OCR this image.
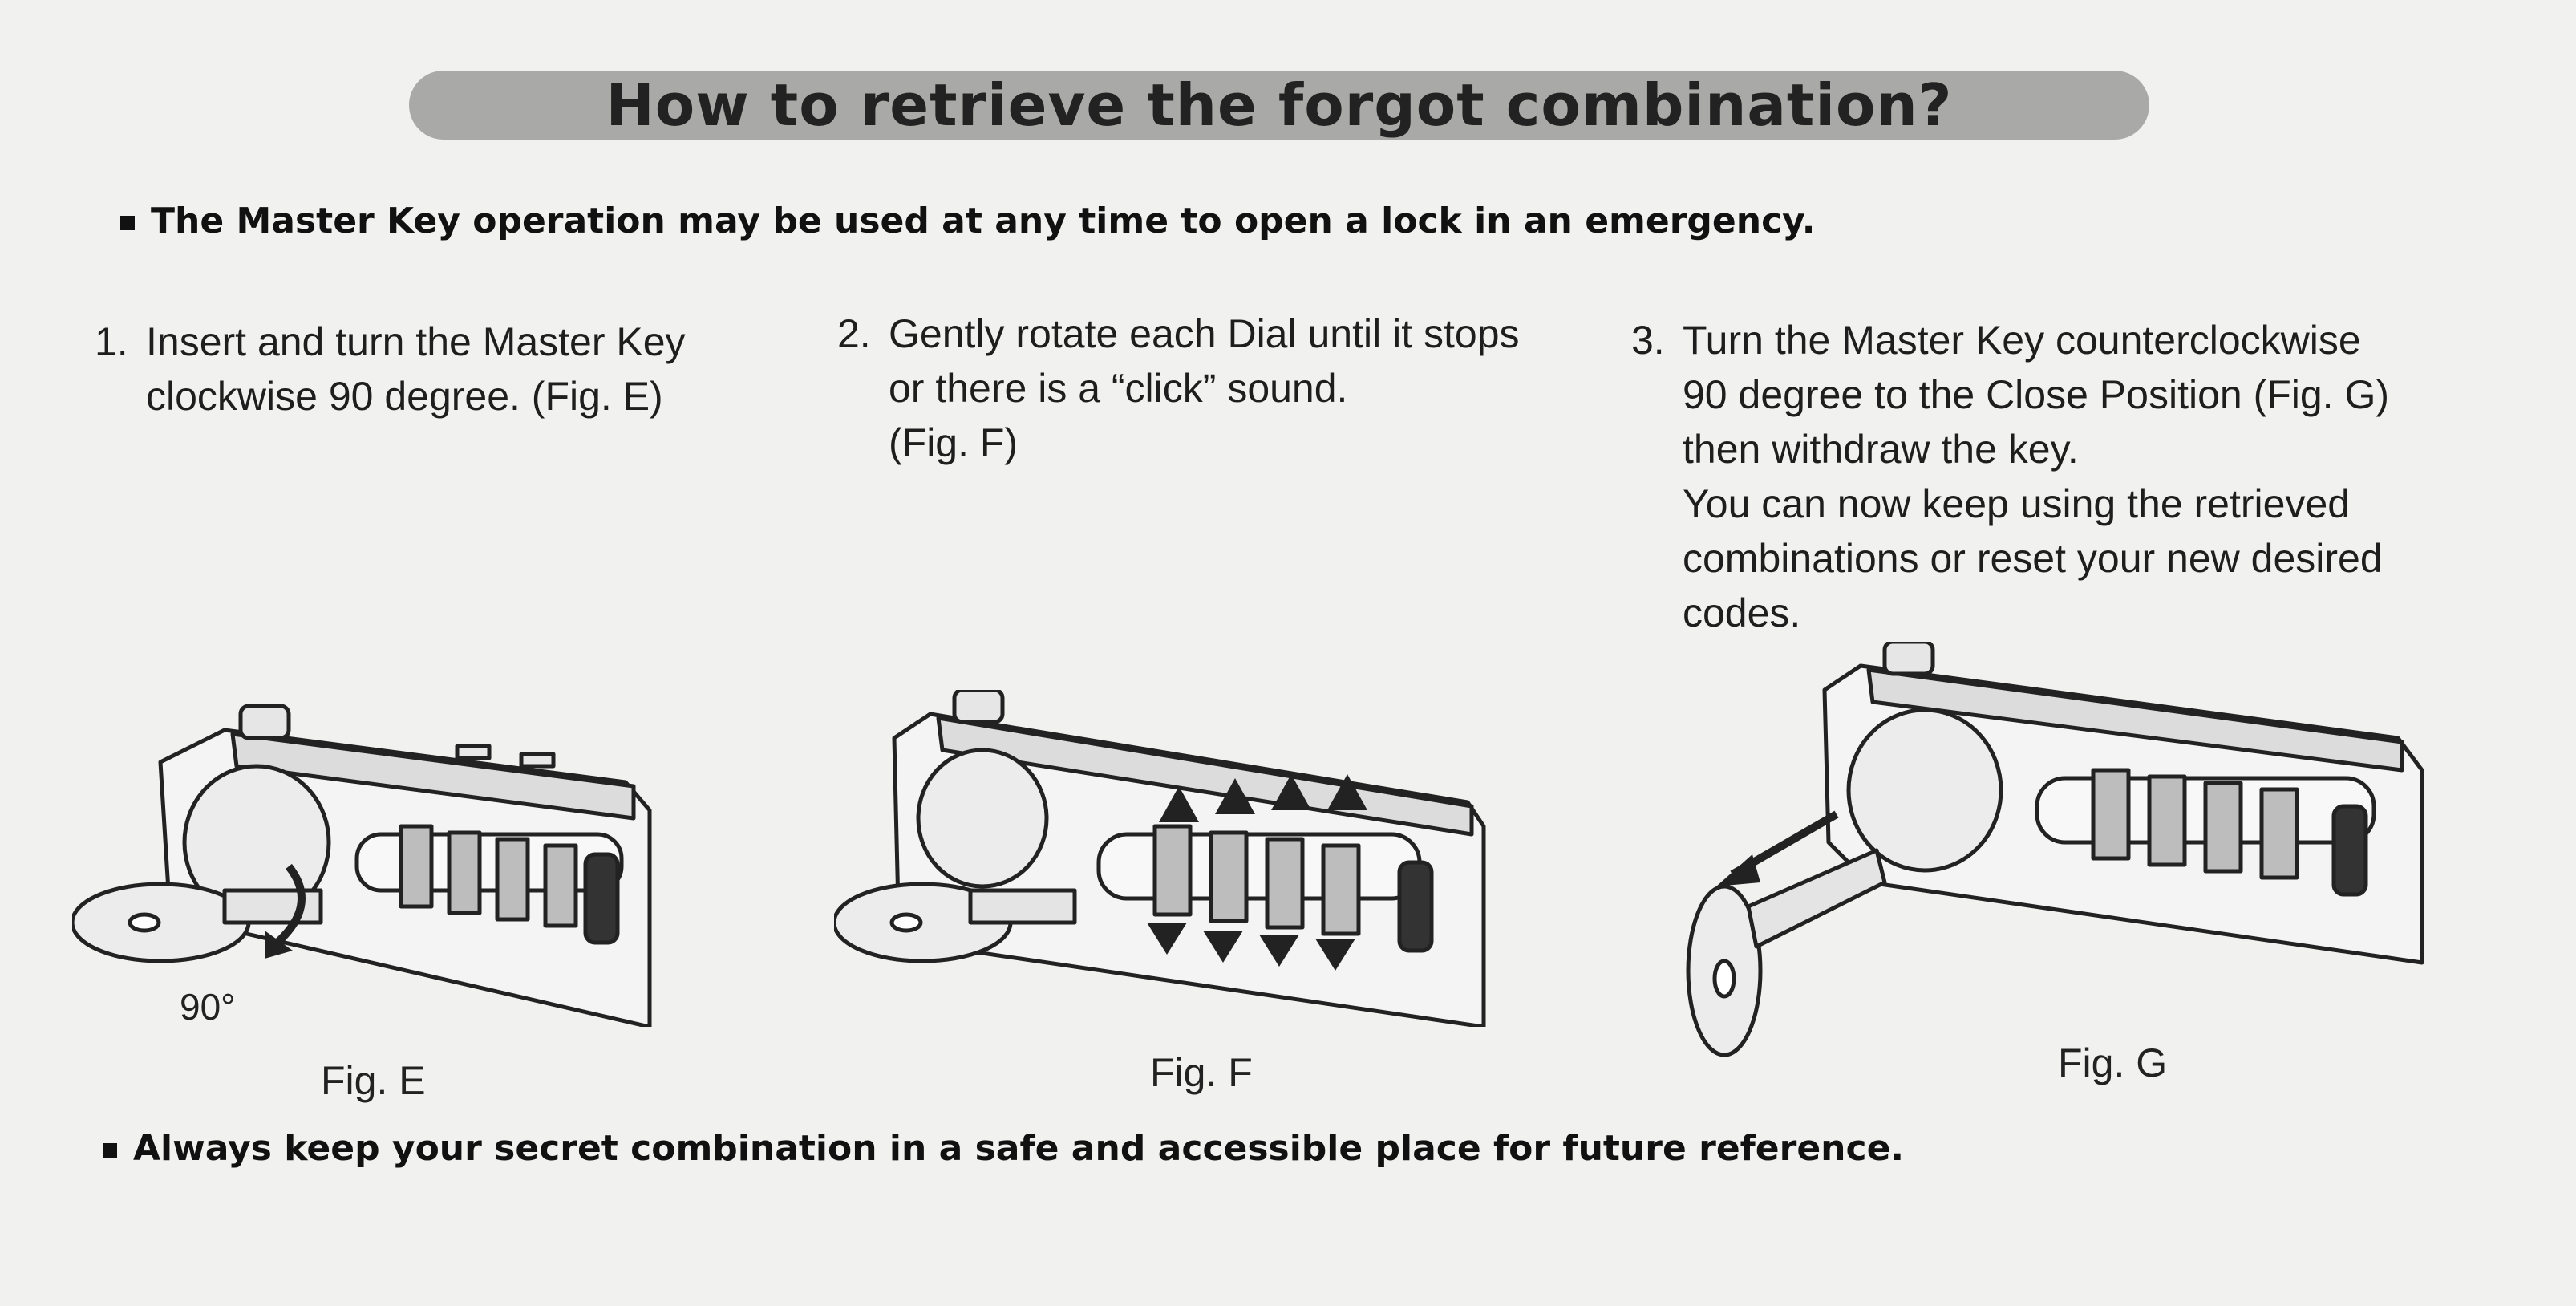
How to retrieve the forgot combination?
The Master Key operation may be used at any time to open a lock in an emergency.
1. Insert and turn the Master Key
clockwise 90 degree. (Fig. E)
2. Gently rotate each Dial until it stops
or there is a “click” sound.
(Fig. F)
3. Turn the Master Key counterclockwise
90 degree to the Close Position (Fig. G)
then withdraw the key.
You can now keep using the retrieved
combinations or reset your new desired
codes.
Fig. E	Fig. F	Fig. G
90°
Always keep your secret combination in a safe and accessible place for future reference.
